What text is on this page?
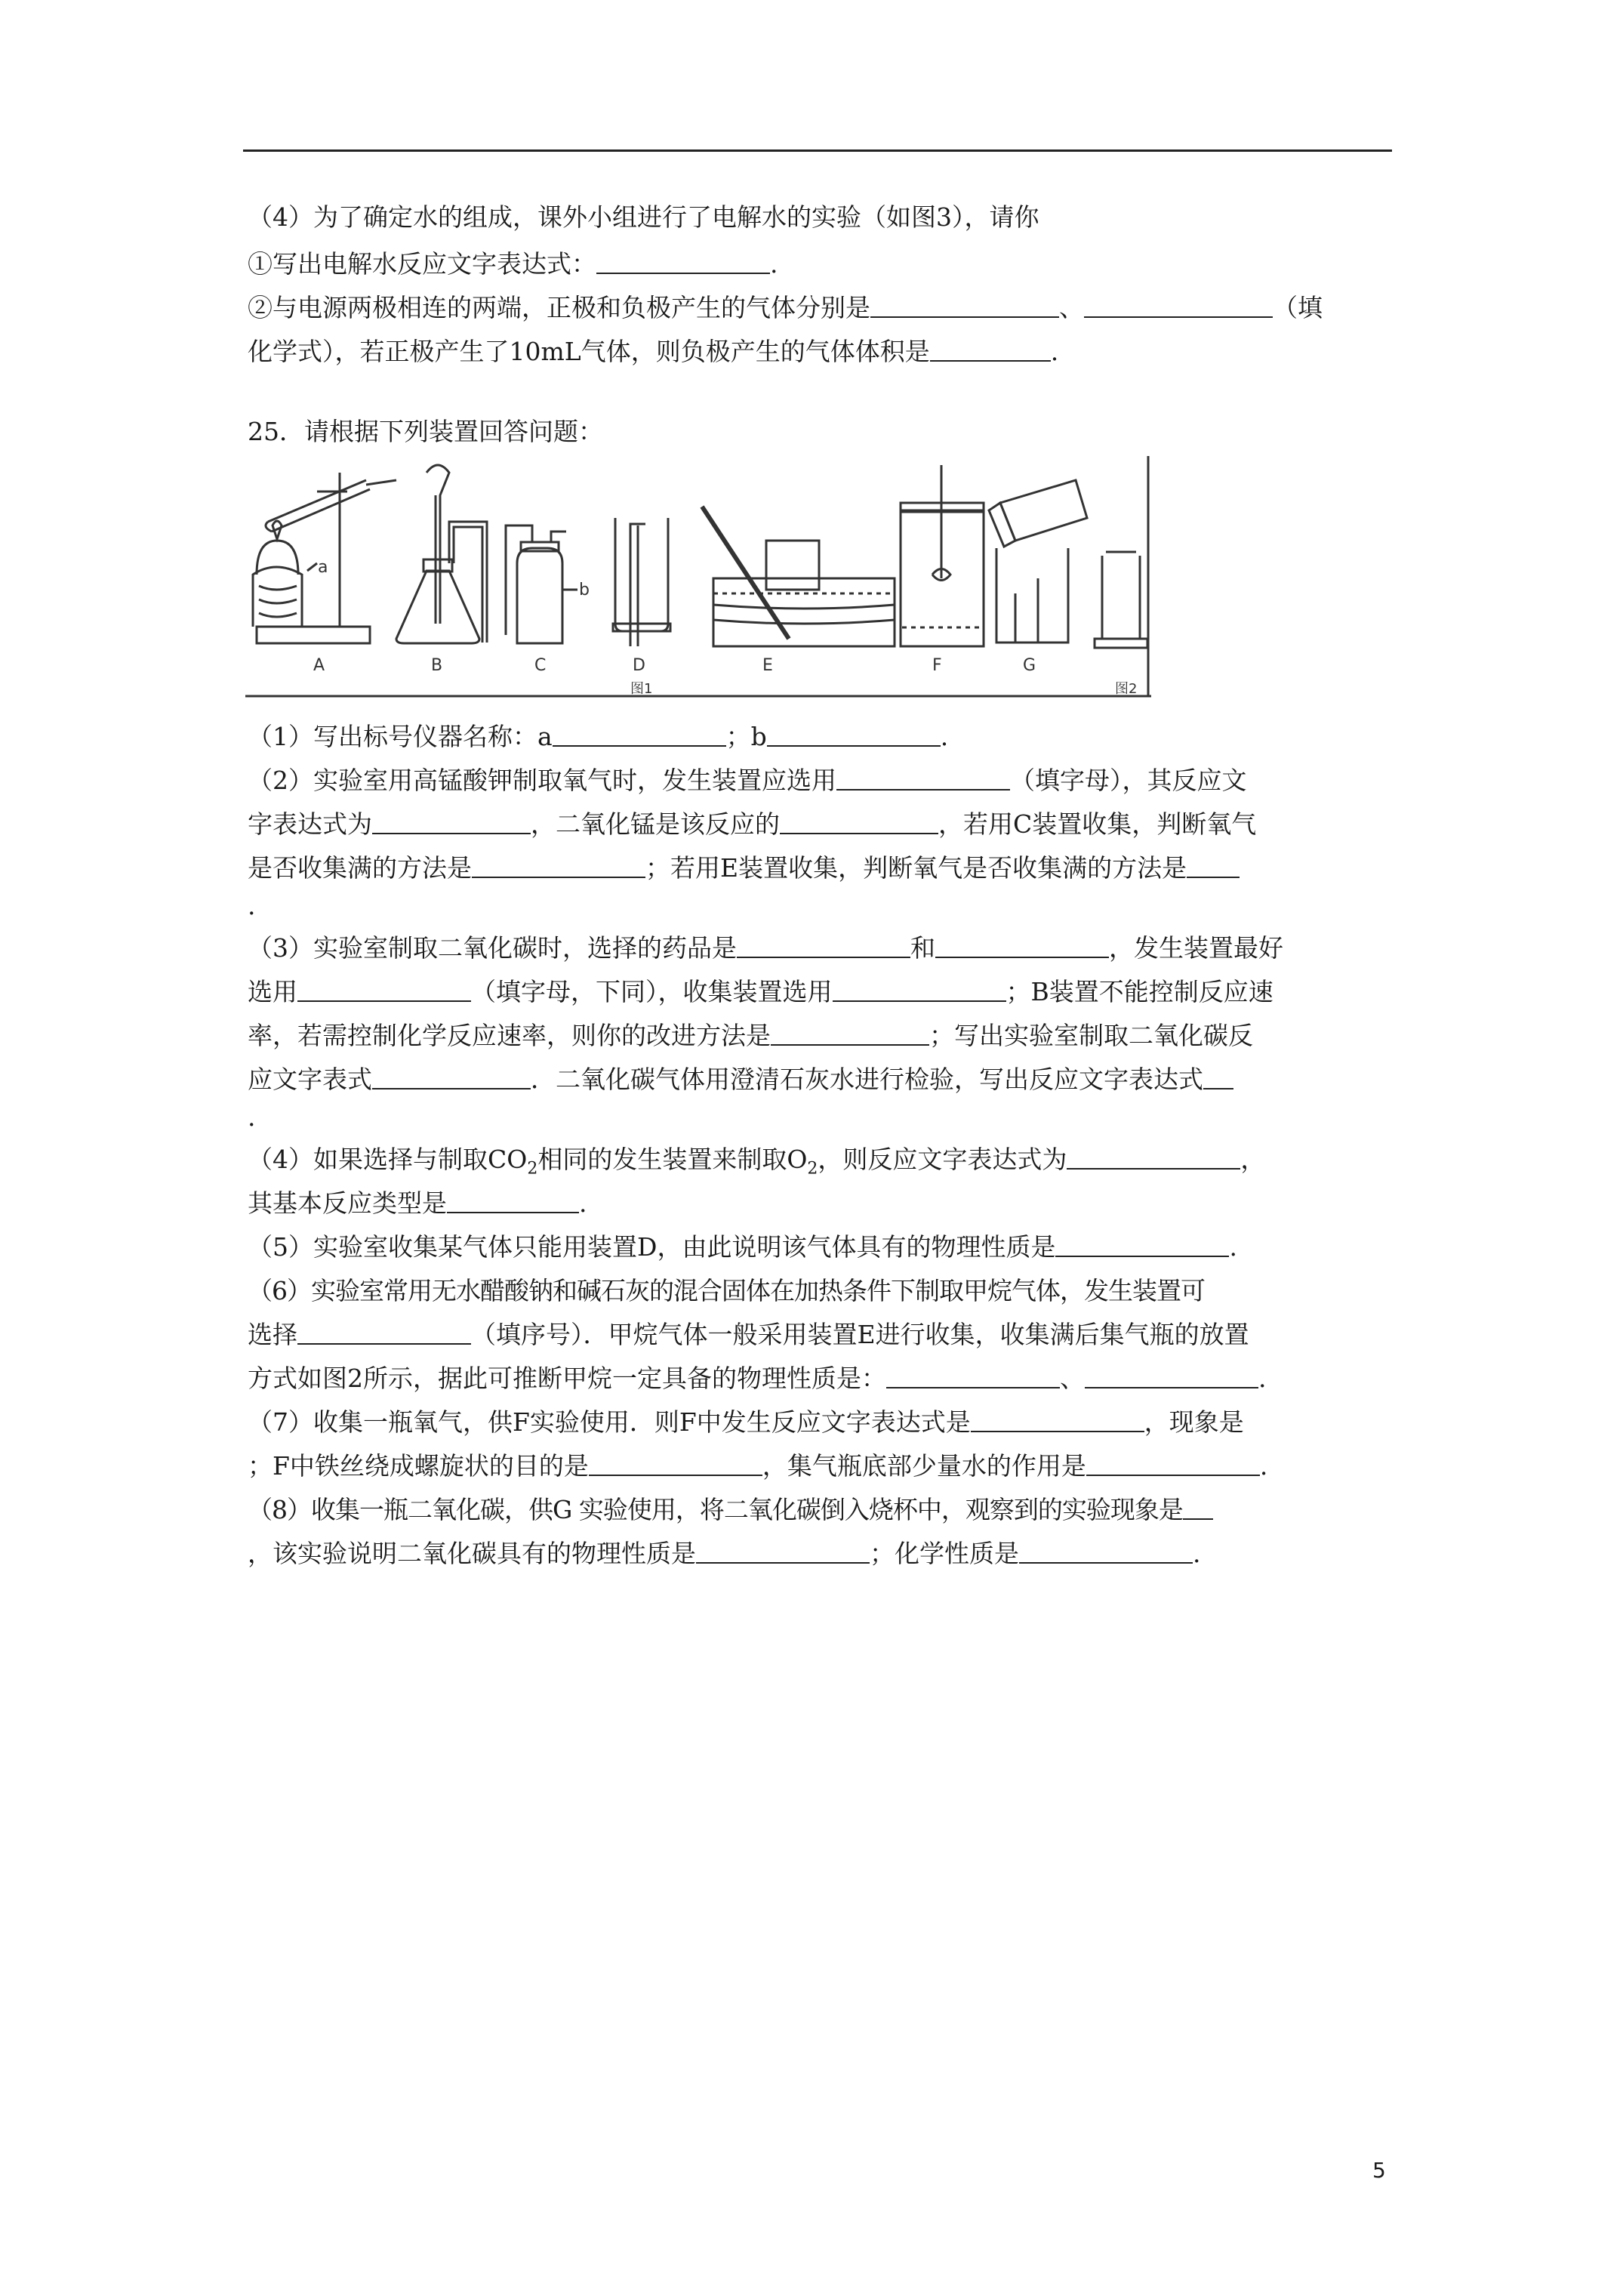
（4）为了确定水的组成，课外小组进行了电解水的实验（如图3），请你
①写出电解水反应文字表达式：	.
②与电源两极相连的两端，正极和负极产生的气体分别是	、	（填
化学式），若正极产生了10mL气体，则负极产生的气体体积是	.
25．请根据下列装置回答问题：
A	B	C	D	E	F	G
a
b
图1	图2
（1）写出标号仪器名称：a	；b	.
（2）实验室用高锰酸钾制取氧气时，发生装置应选用	（填字母），其反应文
字表达式为	，二氧化锰是该反应的	，若用C装置收集，判断氧气
是否收集满的方法是	；若用E装置收集，判断氧气是否收集满的方法是
.
（3）实验室制取二氧化碳时，选择的药品是	和	，发生装置最好
选用	（填字母，下同），收集装置选用	；B装置不能控制反应速
率，若需控制化学反应速率，则你的改进方法是	；写出实验室制取二氧化碳反
应文字表式	．二氧化碳气体用澄清石灰水进行检验，写出反应文字表达式
.
（4）如果选择与制取$CO_2$相同的发生装置来制取$O_2$，则反应文字表达式为	，
其基本反应类型是	.
（5）实验室收集某气体只能用装置D，由此说明该气体具有的物理性质是	.
（6）实验室常用无水醋酸钠和碱石灰的混合固体在加热条件下制取甲烷气体，发生装置可
选择	（填序号）．甲烷气体一般采用装置E进行收集，收集满后集气瓶的放置
方式如图2所示，据此可推断甲烷一定具备的物理性质是：	、	.
（7）收集一瓶氧气，供F实验使用．则F中发生反应文字表达式是	，现象是
；F中铁丝绕成螺旋状的目的是	，集气瓶底部少量水的作用是	.
（8）收集一瓶二氧化碳，供G 实验使用，将二氧化碳倒入烧杯中，观察到的实验现象是
，该实验说明二氧化碳具有的物理性质是	；化学性质是	.
5
